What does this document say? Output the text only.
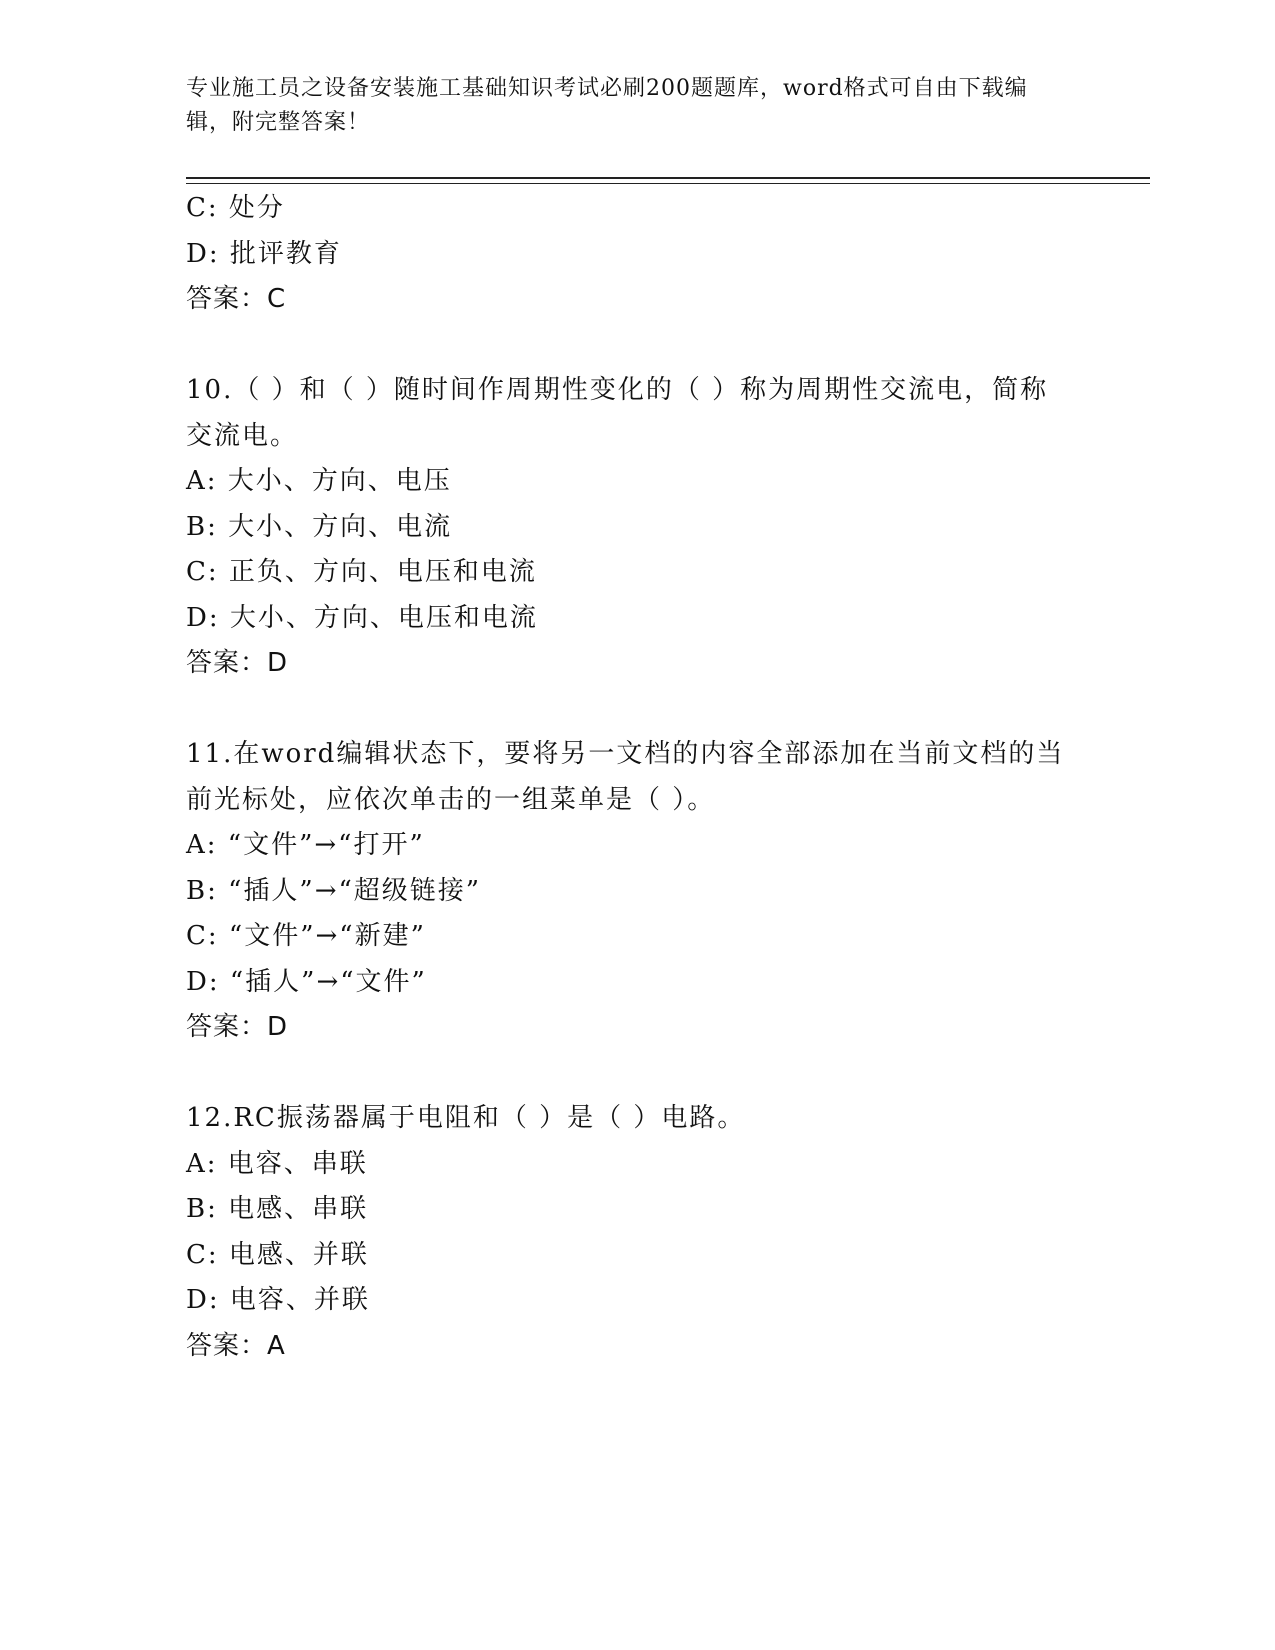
专业施工员之设备安装施工基础知识考试必刷200题题库，word格式可自由下载编辑，附完整答案！

C: 处分

D: 批评教育

答案：C

10.（ ）和（ ）随时间作周期性变化的（ ）称为周期性交流电，简称交流电。

A: 大小、方向、电压

B: 大小、方向、电流

C: 正负、方向、电压和电流

D: 大小、方向、电压和电流

答案：D

11.在word编辑状态下，要将另一文档的内容全部添加在当前文档的当前光标处，应依次单击的一组菜单是（ ）。

A: “文件”→“打开”

B: “插人”→“超级链接”

C: “文件”→“新建”

D: “插人”→“文件”

答案：D

12.RC振荡器属于电阻和（ ）是（ ）电路。

A: 电容、串联

B: 电感、串联

C: 电感、并联

D: 电容、并联

答案：A
